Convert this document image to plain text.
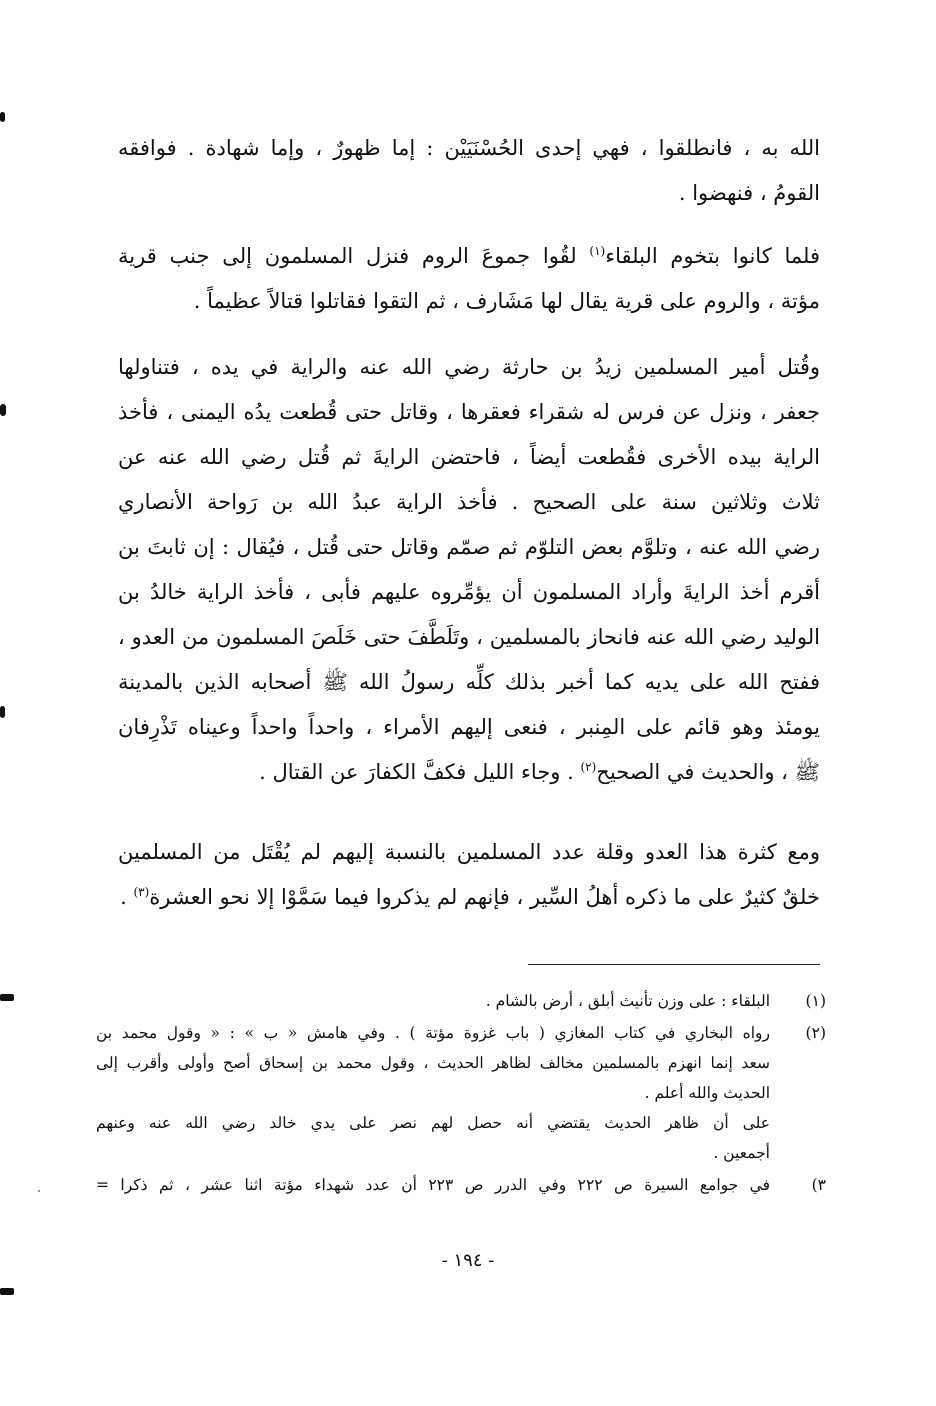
الله به ، فانطلقوا ، فهي إحدى الحُسْنَيَيْن : إما ظهورٌ ، وإما شهادة . فوافقه
القومُ ، فنهضوا .
فلما كانوا بتخوم البلقاء$^{(١)}$ لقُوا جموعَ الروم فنزل المسلمون إلى جنب قرية
مؤتة ، والروم على قرية يقال لها مَشَارف ، ثم التقوا فقاتلوا قتالاً عظيماً .
وقُتل أمير المسلمين زيدُ بن حارثة رضي الله عنه والراية في يده ، فتناولها
جعفر ، ونزل عن فرس له شقراء فعقرها ، وقاتل حتى قُطعت يدُه اليمنى ، فأخذ
الراية بيده الأخرى فقُطعت أيضاً ، فاحتضن الرايةَ ثم قُتل رضي الله عنه عن
ثلاث وثلاثين سنة على الصحيح . فأخذ الراية عبدُ الله بن رَواحة الأنصاري
رضي الله عنه ، وتلوَّم بعض التلوّم ثم صمّم وقاتل حتى قُتل ، فيُقال : إن ثابتَ بن
أقرم أخذ الرايةَ وأراد المسلمون أن يؤمِّروه عليهم فأبى ، فأخذ الراية خالدُ بن
الوليد رضي الله عنه فانحاز بالمسلمين ، وتَلَطَّفَ حتى خَلَصَ المسلمون من العدو ،
ففتح الله على يديه كما أخبر بذلك كلِّه رسولُ الله ﷺ أصحابه الذين بالمدينة
يومئذ وهو قائم على المِنبر ، فنعى إليهم الأمراء ، واحداً واحداً وعيناه تَذْرِفان
ﷺ ، والحديث في الصحيح$^{(٢)}$ . وجاء الليل فكفَّ الكفارَ عن القتال .
ومع كثرة هذا العدو وقلة عدد المسلمين بالنسبة إليهم لم يُقْتَل من المسلمين
خلقٌ كثيرٌ على ما ذكره أهلُ السِّير ، فإنهم لم يذكروا فيما سَمَّوْا إلا نحو العشرة$^{(٣)}$ .
(١)
البلقاء : على وزن تأنيث أبلق ، أرض بالشام .
(٢)
رواه البخاري في كتاب المغازي ( باب غزوة مؤتة ) . وفي هامش « ب » : « وقول محمد بن
سعد إنما انهزم بالمسلمين مخالف لظاهر الحديث ، وقول محمد بن إسحاق أصح وأولى وأقرب إلى
الحديث والله أعلم .
على أن ظاهر الحديث يقتضي أنه حصل لهم نصر على يدي خالد رضي الله عنه وعنهم
أجمعين .
٣)
في جوامع السيرة ص ٢٢٢ وفي الدرر ص ٢٢٣ أن عدد شهداء مؤتة اثنا عشر ، ثم ذكرا =
- ١٩٤ -
